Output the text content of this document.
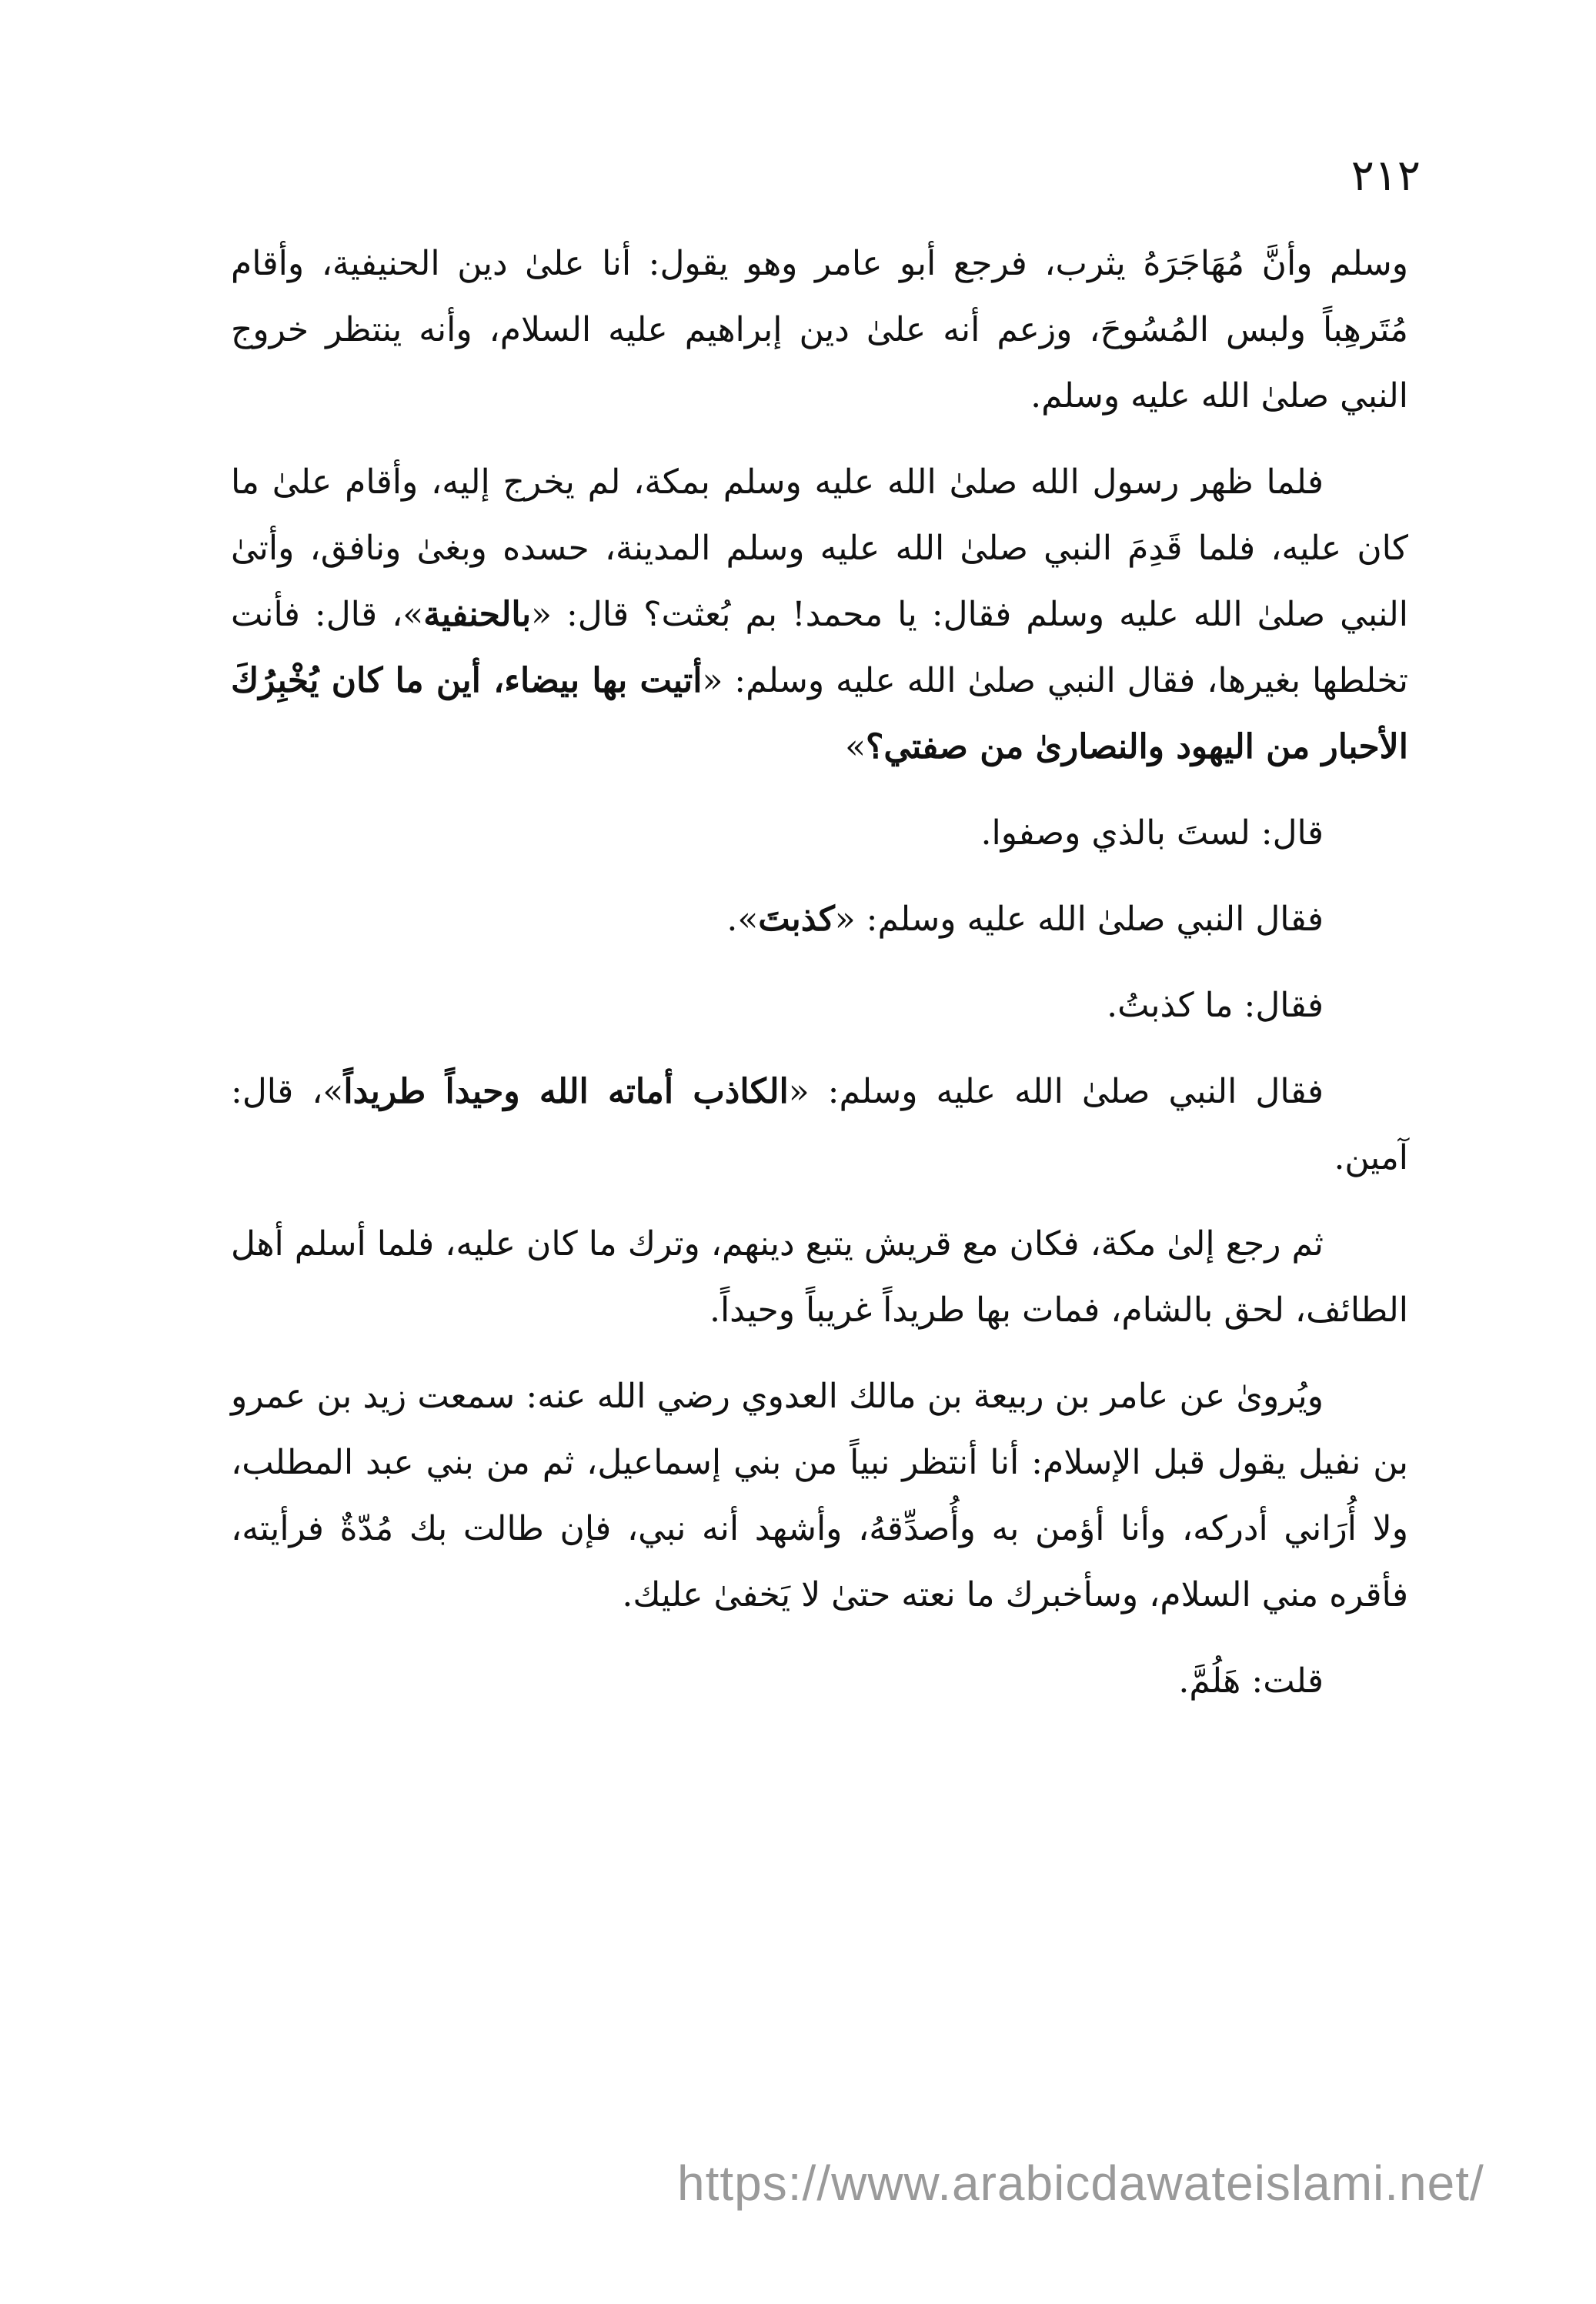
٢١٢

وسلم وأنَّ مُهَاجَرَهُ يثرب، فرجع أبو عامر وهو يقول: أنا علىٰ دين الحنيفية، وأقام مُتَرهِباً ولبس المُسُوحَ، وزعم أنه علىٰ دين إبراهيم عليه السلام، وأنه ينتظر خروج النبي صلىٰ الله عليه وسلم.

فلما ظهر رسول الله صلىٰ الله عليه وسلم بمكة، لم يخرج إليه، وأقام علىٰ ما كان عليه، فلما قَدِمَ النبي صلىٰ الله عليه وسلم المدينة، حسده وبغىٰ ونافق، وأتىٰ النبي صلىٰ الله عليه وسلم فقال: يا محمد! بم بُعثت؟ قال: «بالحنفية»، قال: فأنت تخلطها بغيرها، فقال النبي صلىٰ الله عليه وسلم: «أتيت بها بيضاء، أين ما كان يُخْبِرُكَ الأحبار من اليهود والنصارىٰ من صفتي؟»

قال: لستَ بالذي وصفوا.

فقال النبي صلىٰ الله عليه وسلم: «كذبتَ».

فقال: ما كذبتُ.

فقال النبي صلىٰ الله عليه وسلم: «الكاذب أماته الله وحيداً طريداً»، قال: آمين.

ثم رجع إلىٰ مكة، فكان مع قريش يتبع دينهم، وترك ما كان عليه، فلما أسلم أهل الطائف، لحق بالشام، فمات بها طريداً غريباً وحيداً.

ويُروىٰ عن عامر بن ربيعة بن مالك العدوي رضي الله عنه: سمعت زيد بن عمرو بن نفيل يقول قبل الإسلام: أنا أنتظر نبياً من بني إسماعيل، ثم من بني عبد المطلب، ولا أُرَاني أدركه، وأنا أؤمن به وأُصدِّقهُ، وأشهد أنه نبي، فإن طالت بك مُدّةٌ فرأيته، فأقره مني السلام، وسأخبرك ما نعته حتىٰ لا يَخفىٰ عليك.

قلت: هَلُمَّ.

https://www.arabicdawateislami.net/
